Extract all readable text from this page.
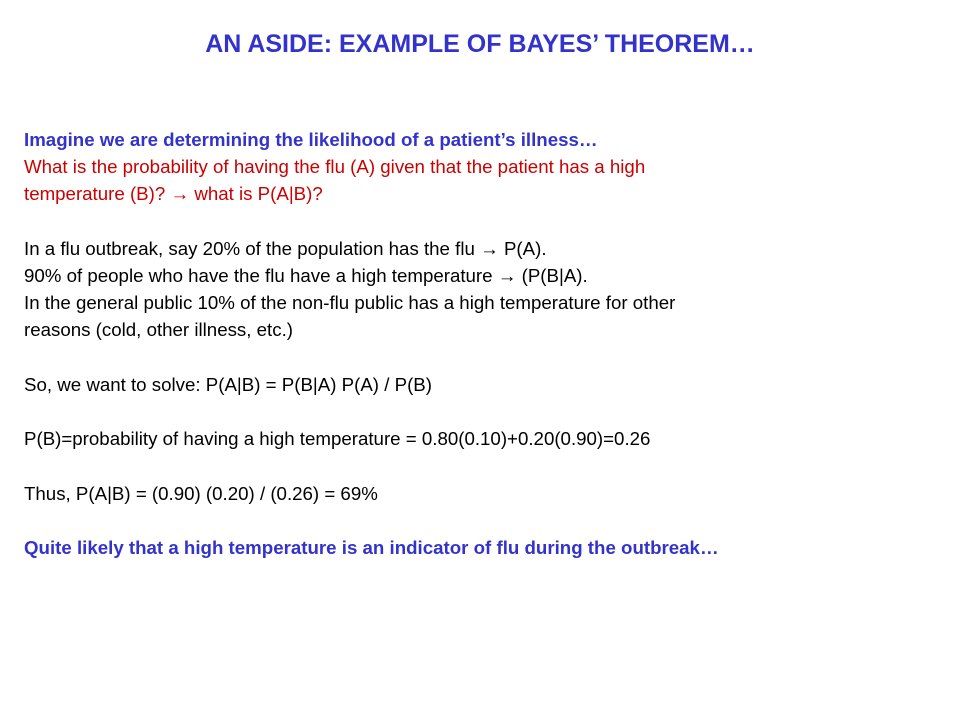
AN ASIDE: EXAMPLE OF BAYES’ THEOREM…
Imagine we are determining the likelihood of a patient’s illness…
What is the probability of having the flu (A) given that the patient has a high
temperature (B)? → what is P(A|B)?
In a flu outbreak, say 20% of the population has the flu → P(A).
90% of people who have the flu have a high temperature → (P(B|A).
In the general public 10% of the non-flu public has a high temperature for other
reasons (cold, other illness, etc.)
So, we want to solve: P(A|B) = P(B|A) P(A) / P(B)
P(B)=probability of having a high temperature = 0.80(0.10)+0.20(0.90)=0.26
Thus, P(A|B) = (0.90) (0.20) / (0.26) = 69%
Quite likely that a high temperature is an indicator of flu during the outbreak…
